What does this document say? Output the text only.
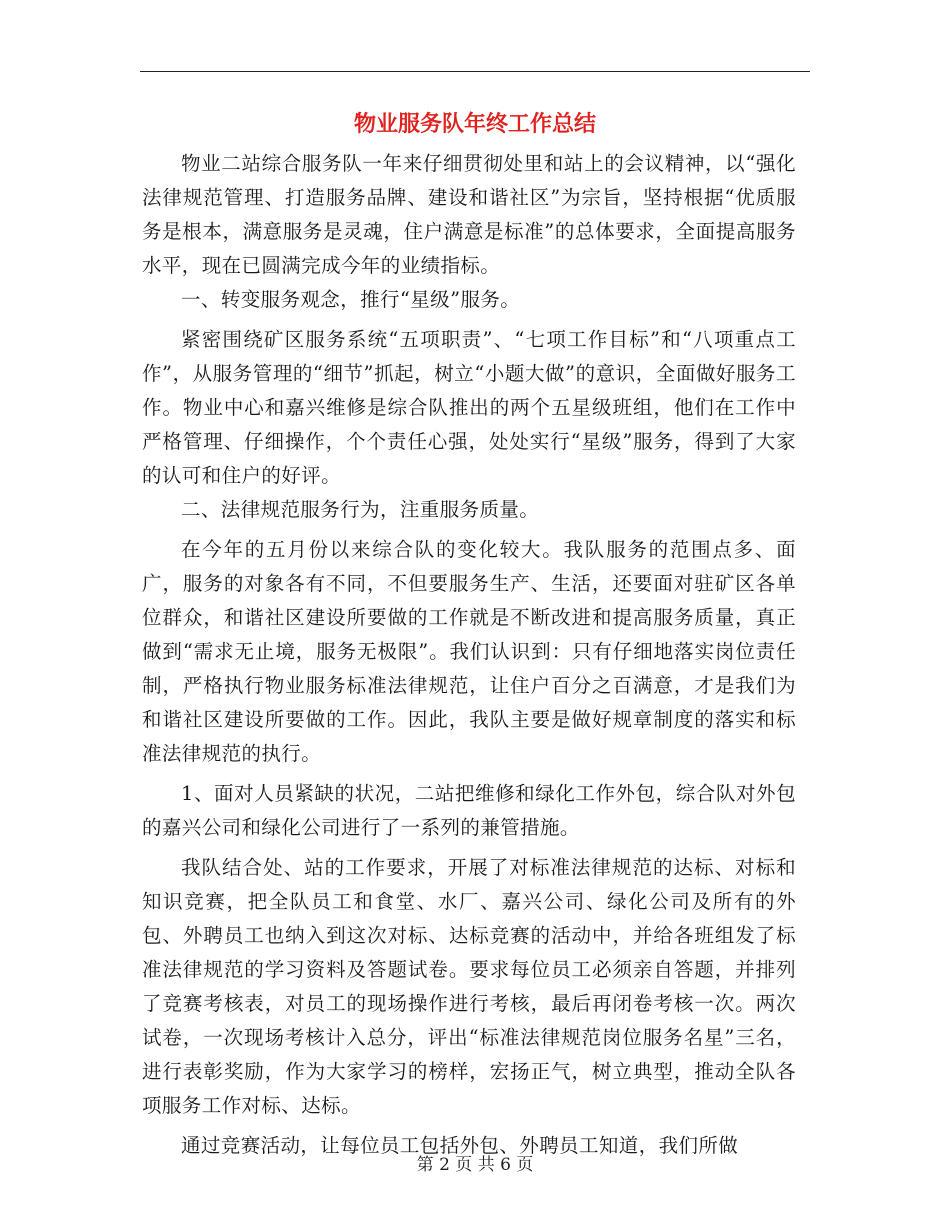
物业服务队年终工作总结

物业二站综合服务队一年来仔细贯彻处里和站上的会议精神，以“强化法律规范管理、打造服务品牌、建设和谐社区”为宗旨，坚持根据“优质服务是根本，满意服务是灵魂，住户满意是标准”的总体要求，全面提高服务水平，现在已圆满完成今年的业绩指标。

一、转变服务观念，推行“星级”服务。

紧密围绕矿区服务系统“五项职责”、“七项工作目标”和“八项重点工作”，从服务管理的“细节”抓起，树立“小题大做”的意识，全面做好服务工作。物业中心和嘉兴维修是综合队推出的两个五星级班组，他们在工作中严格管理、仔细操作，个个责任心强，处处实行“星级”服务，得到了大家的认可和住户的好评。

二、法律规范服务行为，注重服务质量。

在今年的五月份以来综合队的变化较大。我队服务的范围点多、面广，服务的对象各有不同，不但要服务生产、生活，还要面对驻矿区各单位群众，和谐社区建设所要做的工作就是不断改进和提高服务质量，真正做到“需求无止境，服务无极限”。我们认识到：只有仔细地落实岗位责任制，严格执行物业服务标准法律规范，让住户百分之百满意，才是我们为和谐社区建设所要做的工作。因此，我队主要是做好规章制度的落实和标准法律规范的执行。

1、面对人员紧缺的状况，二站把维修和绿化工作外包，综合队对外包的嘉兴公司和绿化公司进行了一系列的兼管措施。

我队结合处、站的工作要求，开展了对标准法律规范的达标、对标和知识竞赛，把全队员工和食堂、水厂、嘉兴公司、绿化公司及所有的外包、外聘员工也纳入到这次对标、达标竞赛的活动中，并给各班组发了标准法律规范的学习资料及答题试卷。要求每位员工必须亲自答题，并排列了竞赛考核表，对员工的现场操作进行考核，最后再闭卷考核一次。两次试卷，一次现场考核计入总分，评出“标准法律规范岗位服务名星”三名，进行表彰奖励，作为大家学习的榜样，宏扬正气，树立典型，推动全队各项服务工作对标、达标。

通过竞赛活动，让每位员工包括外包、外聘员工知道，我们所做

第 2 页 共 6 页
